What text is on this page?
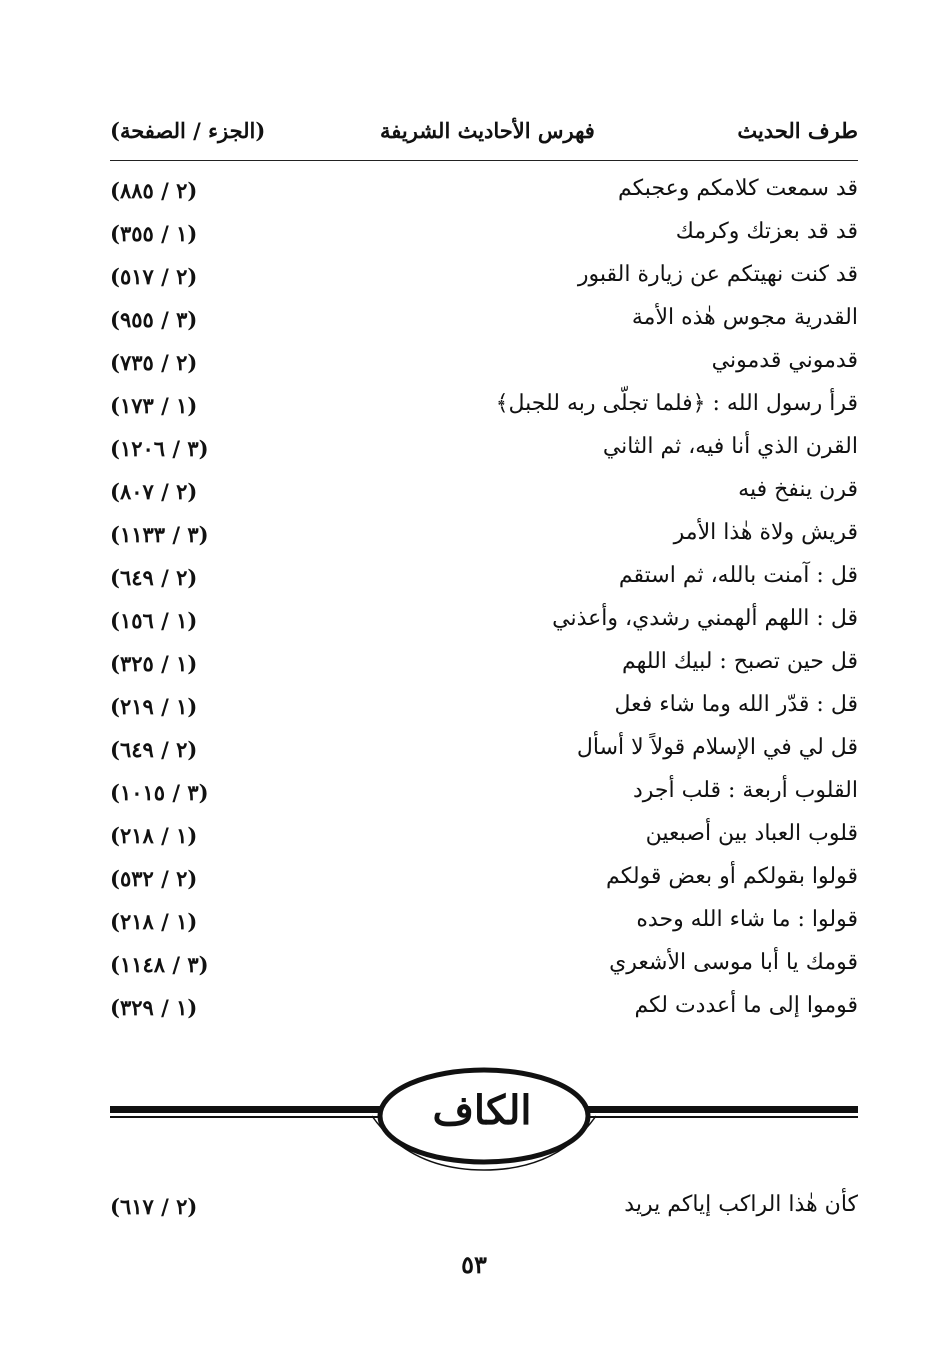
طرف الحديث
فهرس الأحاديث الشريفة
(الجزء / الصفحة)
قد سمعت كلامكم وعجبكم
(٢ / ٨٨٥)
قد قد بعزتك وكرمك
(١ / ٣٥٥)
قد كنت نهيتكم عن زيارة القبور
(٢ / ٥١٧)
القدرية مجوس هٰذه الأمة
(٣ / ٩٥٥)
قدموني قدموني
(٢ / ٧٣٥)
قرأ رسول الله : ﴿فلما تجلّى ربه للجبل﴾
(١ / ١٧٣)
القرن الذي أنا فيه، ثم الثاني
(٣ / ١٢٠٦)
قرن ينفخ فيه
(٢ / ٨٠٧)
قريش ولاة هٰذا الأمر
(٣ / ١١٣٣)
قل : آمنت بالله، ثم استقم
(٢ / ٦٤٩)
قل : اللهم ألهمني رشدي، وأعذني
(١ / ١٥٦)
قل حين تصبح : لبيك اللهم
(١ / ٣٢٥)
قل : قدّر الله وما شاء فعل
(١ / ٢١٩)
قل لي في الإسلام قولاً لا أسأل
(٢ / ٦٤٩)
القلوب أربعة : قلب أجرد
(٣ / ١٠١٥)
قلوب العباد بين أصبعين
(١ / ٢١٨)
قولوا بقولكم أو بعض قولكم
(٢ / ٥٣٢)
قولوا : ما شاء الله وحده
(١ / ٢١٨)
قومك يا أبا موسى الأشعري
(٣ / ١١٤٨)
قوموا إلى ما أعددت لكم
(١ / ٣٢٩)
الكاف
كأن هٰذا الراكب إياكم يريد
(٢ / ٦١٧)
٥٣
